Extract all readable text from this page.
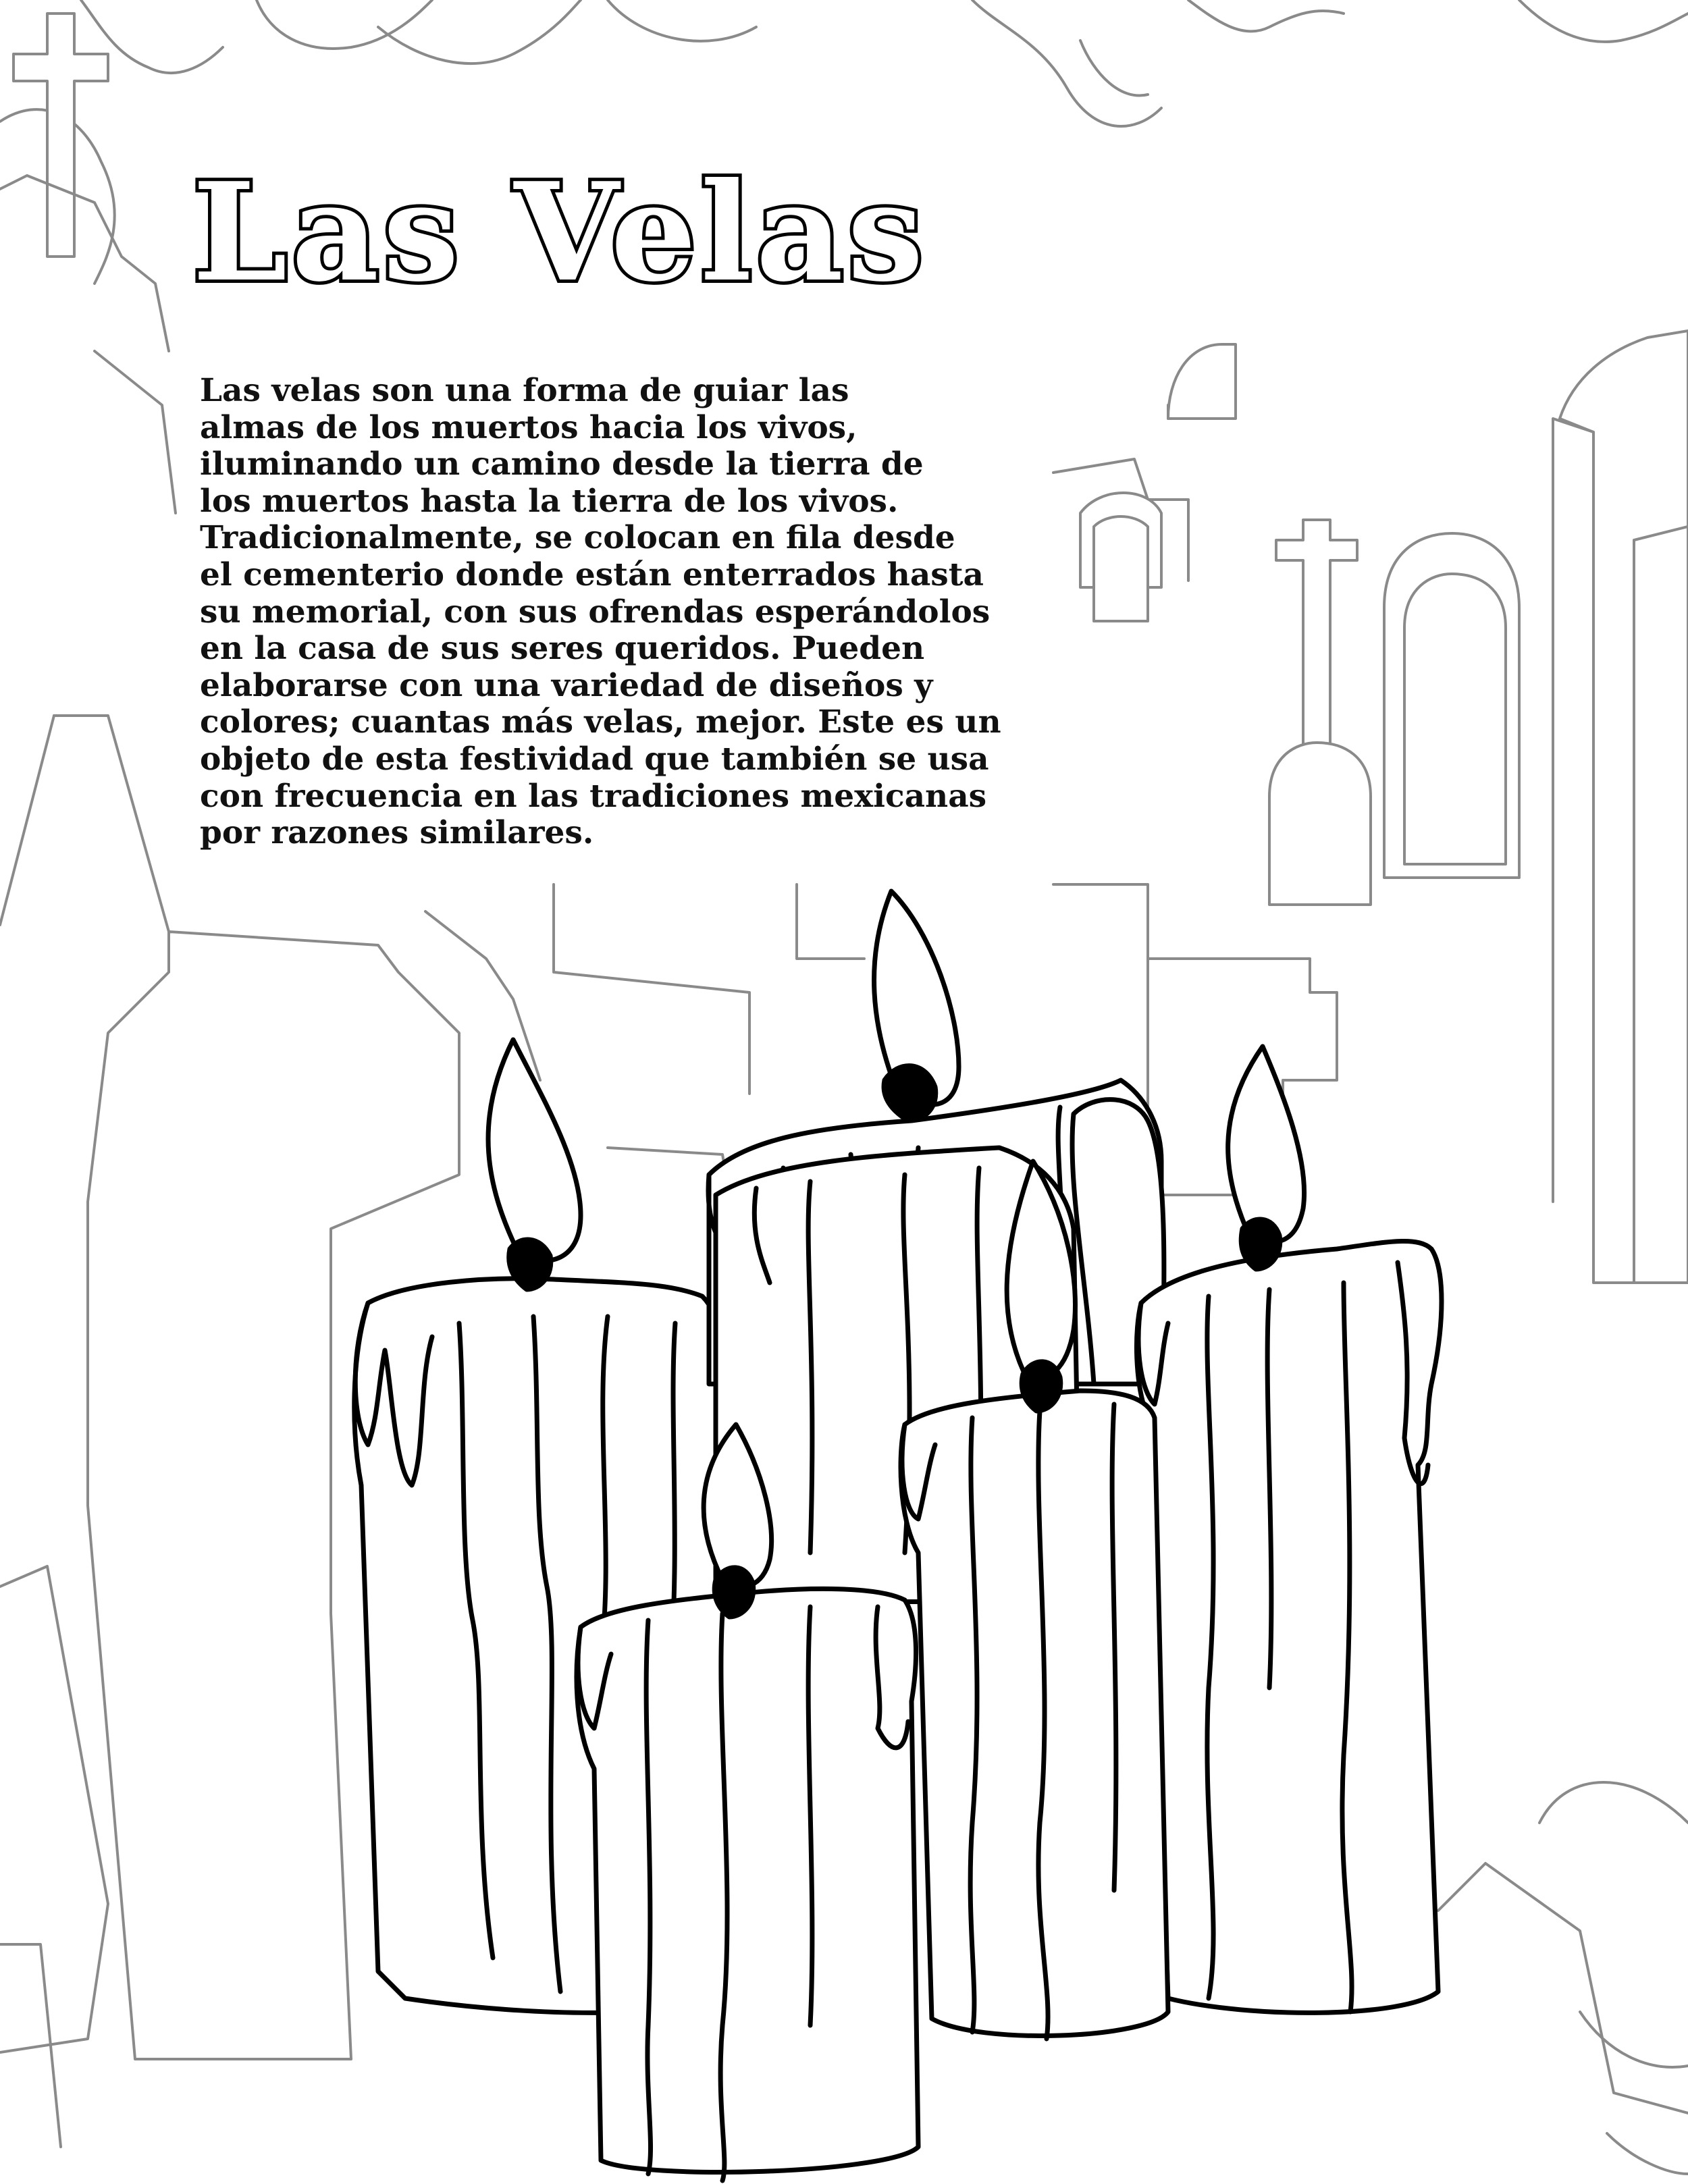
Las Velas

Las velas son una forma de guiar las
almas de los muertos hacia los vivos,
iluminando un camino desde la tierra de
los muertos hasta la tierra de los vivos.
Tradicionalmente, se colocan en fila desde
el cementerio donde están enterrados hasta
su memorial, con sus ofrendas esperándolos
en la casa de sus seres queridos. Pueden
elaborarse con una variedad de diseños y
colores; cuantas más velas, mejor. Este es un
objeto de esta festividad que también se usa
con frecuencia en las tradiciones mexicanas
por razones similares.
